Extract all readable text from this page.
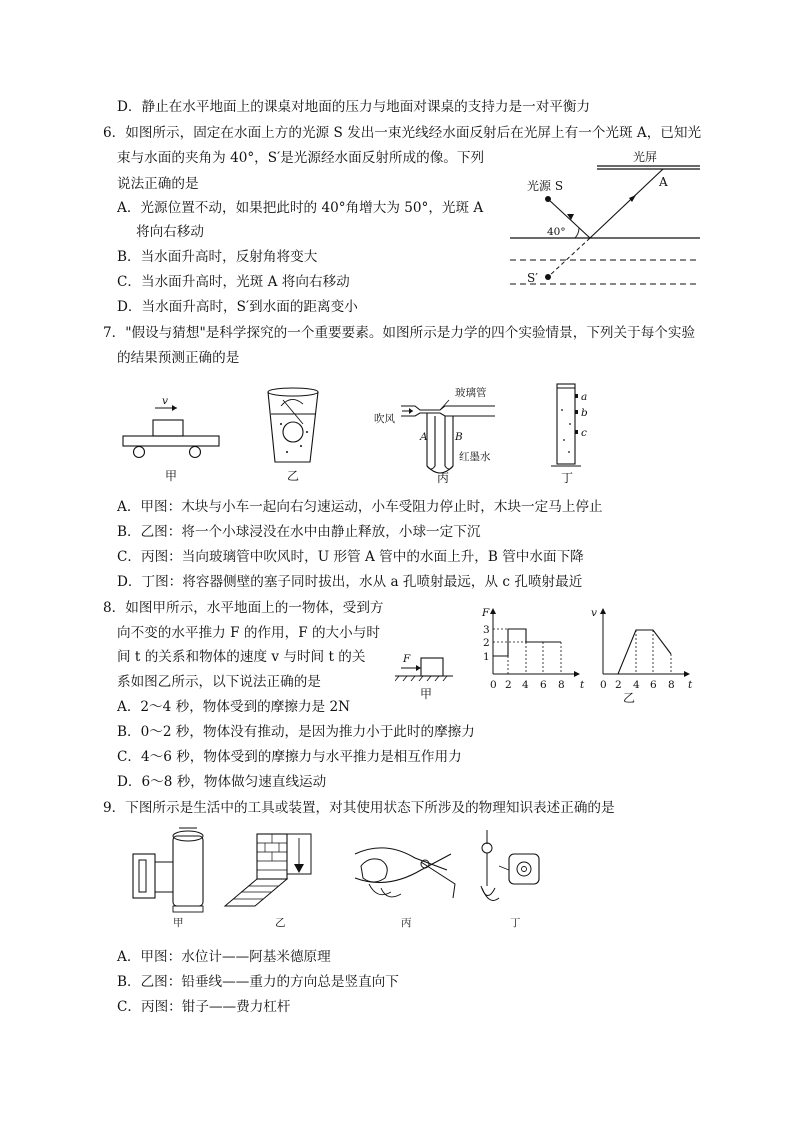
D．静止在水平地面上的课桌对地面的压力与地面对课桌的支持力是一对平衡力
6．如图所示，固定在水面上方的光源 S 发出一束光线经水面反射后在光屏上有一个光斑 A，已知光
束与水面的夹角为 40°，S′是光源经水面反射所成的像。下列
说法正确的是
A．光源位置不动，如果把此时的 40°角增大为 50°，光斑 A
将向右移动
B．当水面升高时，反射角将变大
C．当水面升高时，光斑 A 将向右移动
D．当水面升高时，S′到水面的距离变小
光屏
光源 S	A
40°
S′
7．"假设与猜想"是科学探究的一个重要要素。如图所示是力学的四个实验情景，下列关于每个实验
的结果预测正确的是
v
甲	乙
玻璃管
吹风
A	B
红墨水
丙
a
b
c
丁
A．甲图：木块与小车一起向右匀速运动，小车受阻力停止时，木块一定马上停止
B．乙图：将一个小球浸没在水中由静止释放，小球一定下沉
C．丙图：当向玻璃管中吹风时，U 形管 A 管中的水面上升，B 管中水面下降
D．丁图：将容器侧壁的塞子同时拔出，水从 a 孔喷射最远，从 c 孔喷射最近
8．如图甲所示，水平地面上的一物体，受到方
向不变的水平推力 F 的作用，F 的大小与时
间 t 的关系和物体的速度 v 与时间 t 的关
系如图乙所示，以下说法正确的是
F
甲
F
t
1
2
3
0 2 4 6 8
v
t
0 2 4 6 8
乙
A．2～4 秒，物体受到的摩擦力是 2N
B．0～2 秒，物体没有推动，是因为推力小于此时的摩擦力
C．4～6 秒，物体受到的摩擦力与水平推力是相互作用力
D．6～8 秒，物体做匀速直线运动
9．下图所示是生活中的工具或装置，对其使用状态下所涉及的物理知识表述正确的是
甲	乙	丙	丁
A．甲图：水位计——阿基米德原理
B．乙图：铅垂线——重力的方向总是竖直向下
C．丙图：钳子——费力杠杆
